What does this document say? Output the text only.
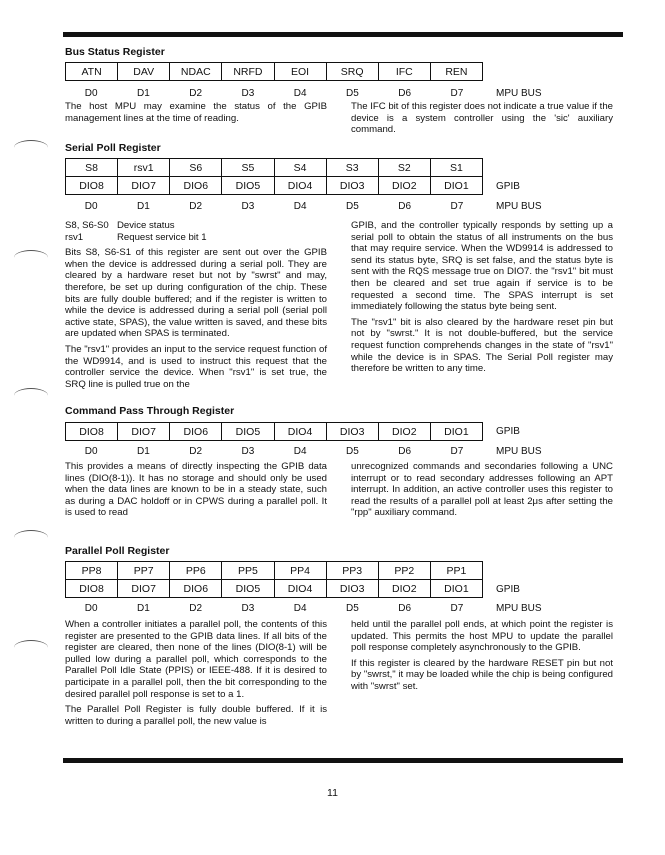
Bus Status Register
ATN	DAV	NDAC	NRFD	EOI	SRQ	IFC	REN
D0	D1	D2	D3	D4	D5	D6	D7	MPU BUS
The host MPU may examine the status of the GPIB management lines at the time of reading.
The IFC bit of this register does not indicate a true value if the device is a system controller using the 'sic' auxiliary command.
Serial Poll Register
S8	rsv1	S6	S5	S4	S3	S2	S1
DIO8	DIO7	DIO6	DIO5	DIO4	DIO3	DIO2	DIO1	GPIB
D0	D1	D2	D3	D4	D5	D6	D7	MPU BUS
S8, S6-S0 Device status
rsv1	Request service bit 1

Bits S8, S6-S1 of this register are sent out over the GPIB when the device is addressed during a serial poll. They are cleared by a hardware reset but not by "swrst" and may, therefore, be set up during configuration of the chip. These bits are fully double buffered; and if the register is written to while the device is addressed during a serial poll (serial poll active state, SPAS), the value written is saved, and these bits are updated when SPAS is terminated.

The "rsv1" provides an input to the service request function of the WD9914, and is used to instruct this request that the controller service the device. When "rsv1" is set true, the SRQ line is pulled true on the

GPIB, and the controller typically responds by setting up a serial poll to obtain the status of all instruments on the bus that may require service. When the WD9914 is addressed to send its status byte, SRQ is set false, and the status byte is sent with the RQS message true on DIO7. the "rsv1" bit must then be cleared and set true again if service is to be requested a second time. The SPAS interrupt is set immediately following the status byte being sent.

The "rsv1" bit is also cleared by the hardware reset pin but not by "swrst." It is not double-buffered, but the service request function comprehends changes in the state of "rsv1" while the device is in SPAS. The Serial Poll register may therefore be written to any time.

Command Pass Through Register
DIO8	DIO7	DIO6	DIO5	DIO4	DIO3	DIO2	DIO1	GPIB
D0	D1	D2	D3	D4	D5	D6	D7	MPU BUS
This provides a means of directly inspecting the GPIB data lines (DIO(8-1)). It has no storage and should only be used when the data lines are known to be in a steady state, such as during a DAC holdoff or in CPWS during a parallel poll. It is used to read
unrecognized commands and secondaries following a UNC interrupt or to read secondary addresses following an APT interrupt. In addition, an active controller uses this register to read the results of a parallel poll at least 2μs after setting the "rpp" auxiliary command.
Parallel Poll Register
PP8	PP7	PP6	PP5	PP4	PP3	PP2	PP1
DIO8	DIO7	DIO6	DIO5	DIO4	DIO3	DIO2	DIO1	GPIB
D0	D1	D2	D3	D4	D5	D6	D7	MPU BUS

When a controller initiates a parallel poll, the contents of this register are presented to the GPIB data lines. If all bits of the register are cleared, then none of the lines (DIO(8-1) will be pulled low during a parallel poll, which corresponds to the Parallel Poll Idle State (PPIS) or IEEE-488. If it is desired to participate in a parallel poll, then the bit corresponding to the desired parallel poll response is set to a 1.

The Parallel Poll Register is fully double buffered. If it is written to during a parallel poll, the new value is

held until the parallel poll ends, at which point the register is updated. This permits the host MPU to update the parallel poll response completely asynchronously to the GPIB.

If this register is cleared by the hardware RESET pin but not by "swrst," it may be loaded while the chip is being configured with "swrst" set.

11
